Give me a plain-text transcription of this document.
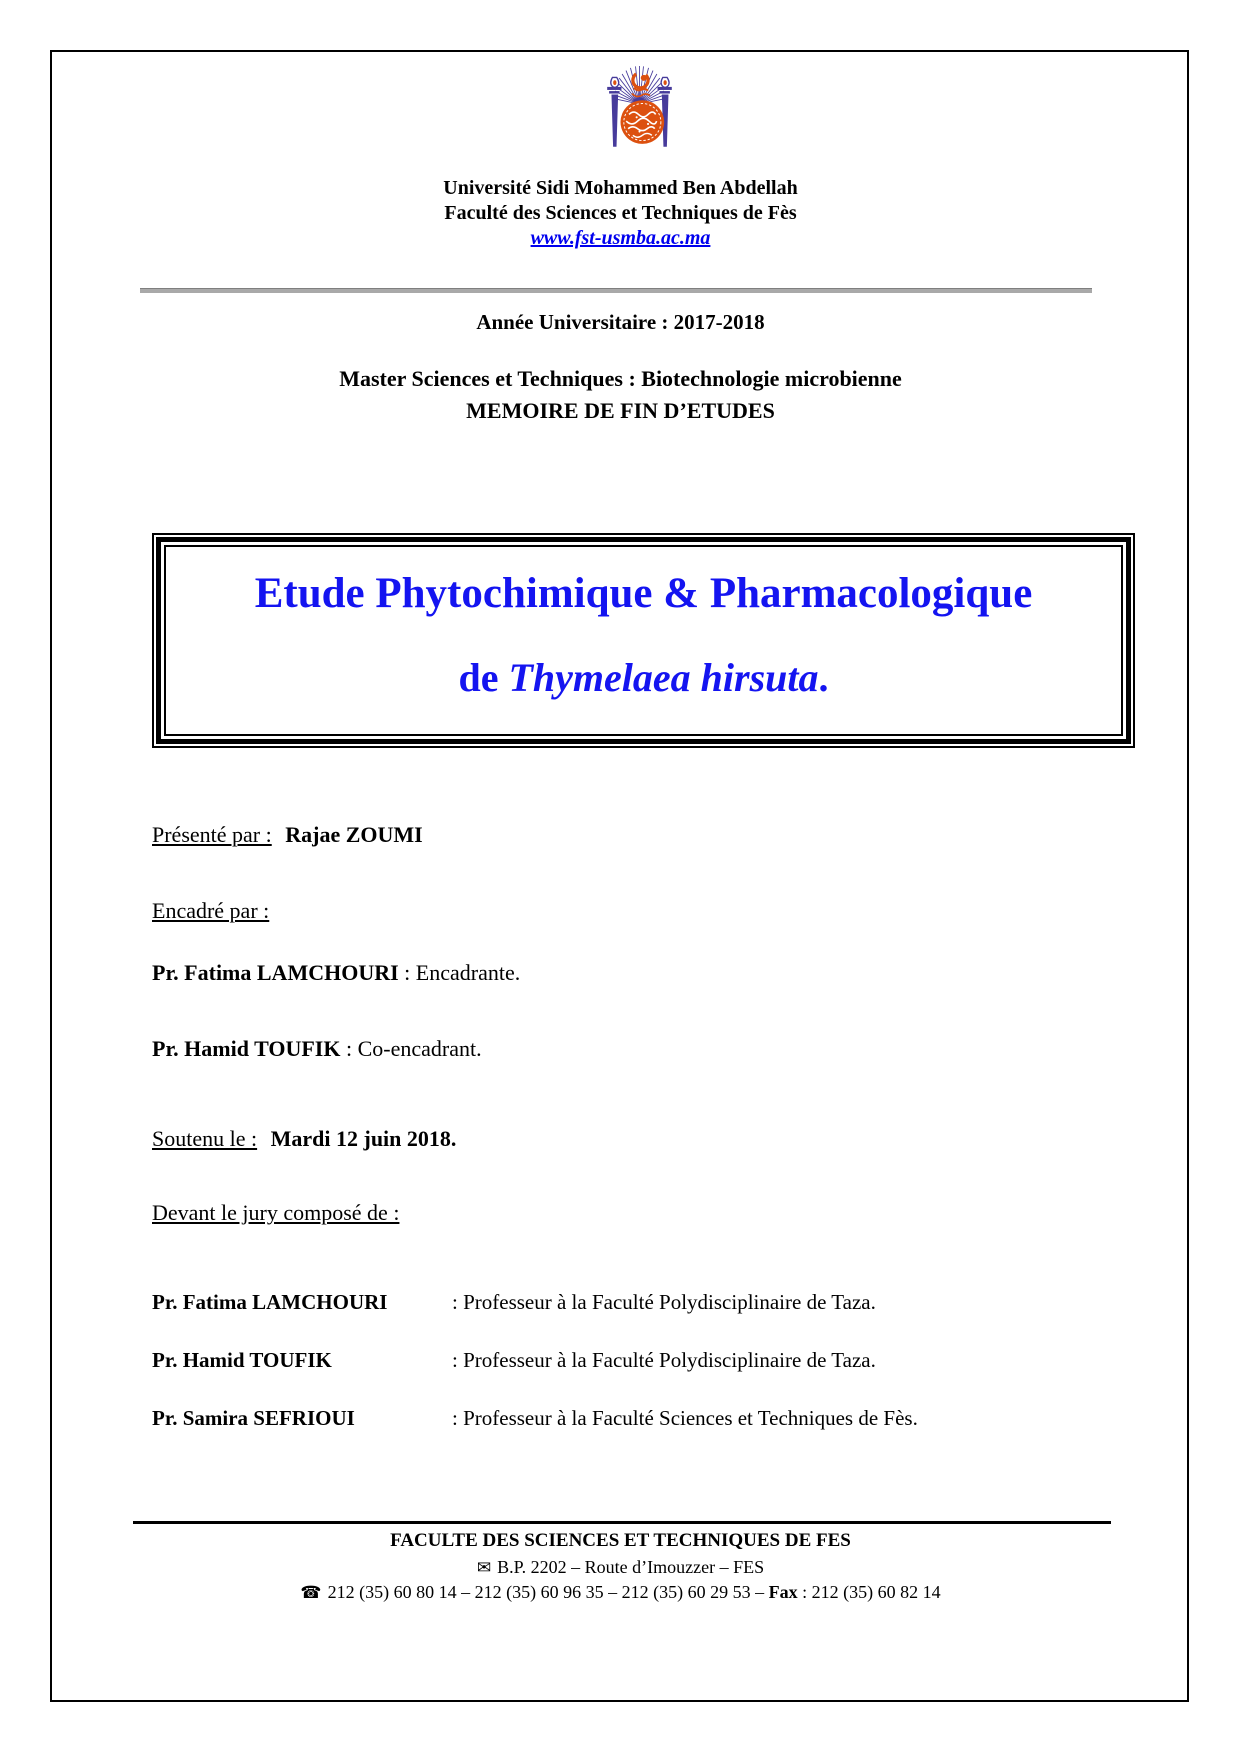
Université Sidi Mohammed Ben Abdellah
Faculté des Sciences et Techniques de Fès
www.fst-usmba.ac.ma
Année Universitaire : 2017-2018
Master Sciences et Techniques : Biotechnologie microbienne
MEMOIRE DE FIN D’ETUDES
Etude Phytochimique & Pharmacologique
de Thymelaea hirsuta.
Présenté par : Rajae ZOUMI
Encadré par :
Pr. Fatima LAMCHOURI : Encadrante.
Pr. Hamid TOUFIK : Co-encadrant.
Soutenu le : Mardi 12 juin 2018.
Devant le jury composé de :
Pr. Fatima LAMCHOURI	: Professeur à la Faculté Polydisciplinaire de Taza.
Pr. Hamid TOUFIK	: Professeur à la Faculté Polydisciplinaire de Taza.
Pr. Samira SEFRIOUI	: Professeur à la Faculté Sciences et Techniques de Fès.
FACULTE DES SCIENCES ET TECHNIQUES DE FES
✉ B.P. 2202 – Route d’Imouzzer – FES
☎ 212 (35) 60 80 14 – 212 (35) 60 96 35 – 212 (35) 60 29 53 – Fax : 212 (35) 60 82 14
